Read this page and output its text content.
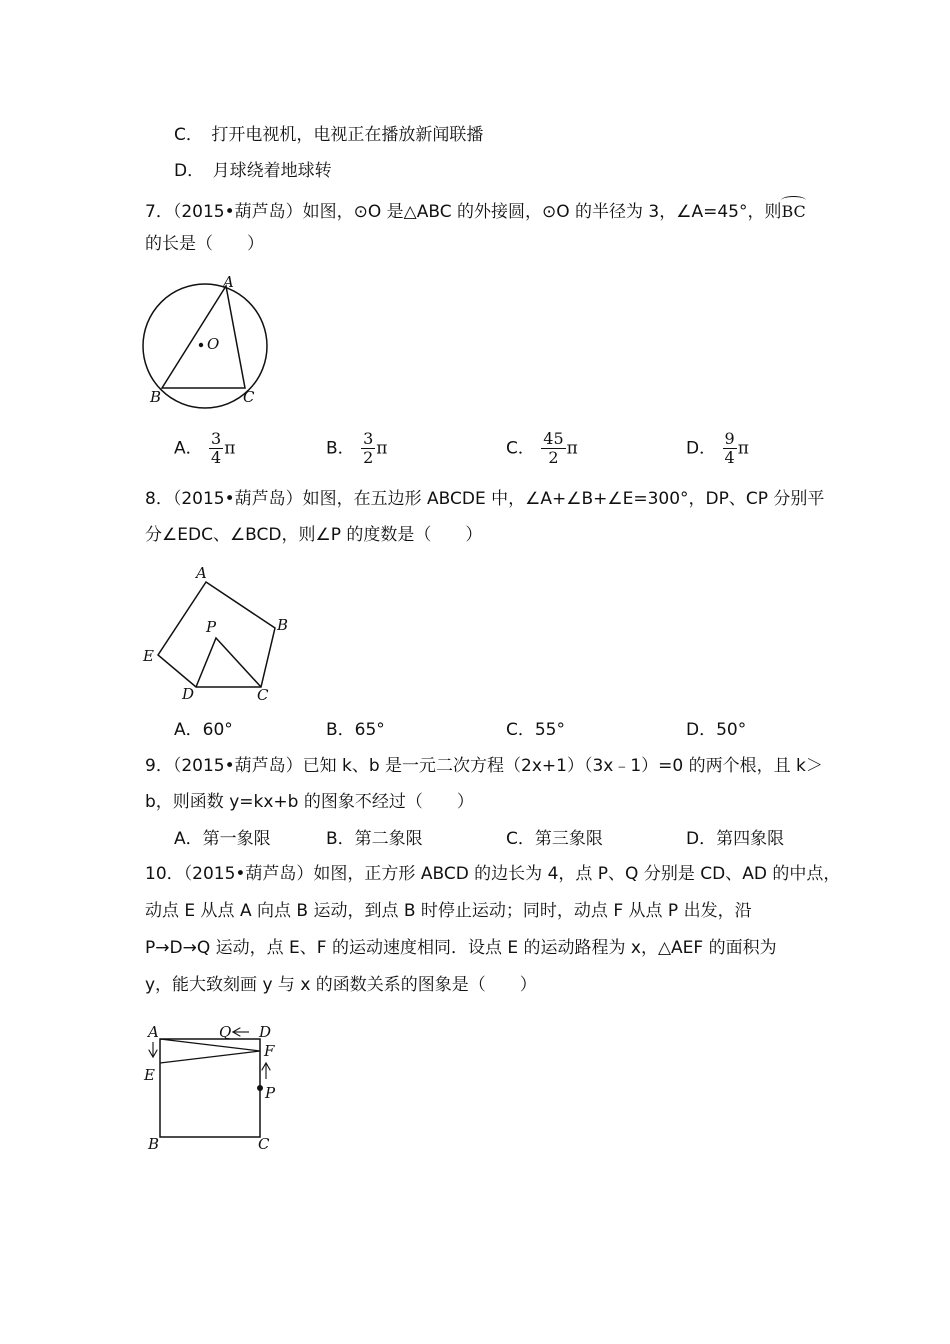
C．　打开电视机，电视正在播放新闻联播
D．　月球绕着地球转
7．（2015•葫芦岛）如图，⊙O 是△ABC 的外接圆，⊙O 的半径为 3，∠A=45°，则BC
的长是（　　）
A
O
B	C
A． $\frac{3}{4}$ π	B． $\frac{3}{2}$ π	C． $\frac{45}{2}$ π	D． $\frac{9}{4}$ π
8．（2015•葫芦岛）如图，在五边形 ABCDE 中，∠A+∠B+∠E=300°，DP、CP 分别平
分∠EDC、∠BCD，则∠P 的度数是（　　）
A
B
P
E
D	C
A．60°	B．65°	C．55°	D．50°
9．（2015•葫芦岛）已知 k、b 是一元二次方程（2x+1）（3x﹣1）=0 的两个根，且 k＞
b，则函数 y=kx+b 的图象不经过（　　）
A．第一象限	B．第二象限	C．第三象限	D．第四象限
10．（2015•葫芦岛）如图，正方形 ABCD 的边长为 4，点 P、Q 分别是 CD、AD 的中点，
动点 E 从点 A 向点 B 运动，到点 B 时停止运动；同时，动点 F 从点 P 出发，沿
P→D→Q 运动，点 E、F 的运动速度相同．设点 E 的运动路程为 x，△AEF 的面积为
y，能大致刻画 y 与 x 的函数关系的图象是（　　）
A	Q D
F
E
P
B	C
